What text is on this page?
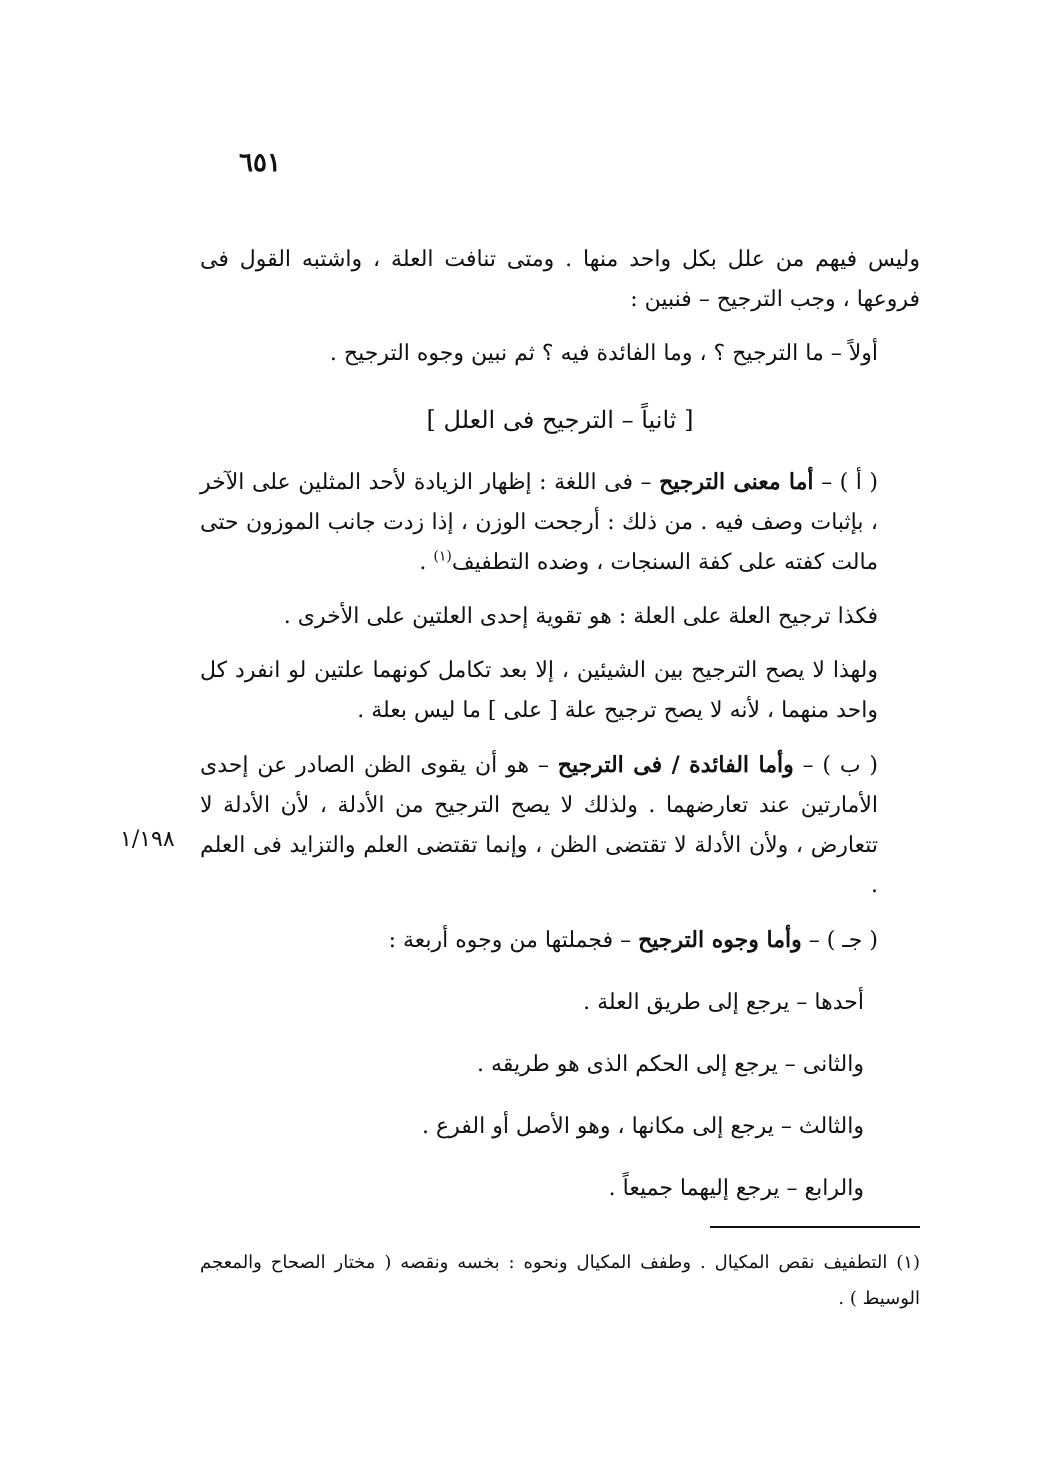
٦٥١
١/١٩٨

وليس فيهم من علل بكل واحد منها . ومتى تنافت العلة ، واشتبه القول فى فروعها ، وجب الترجيح – فنبين :

أولاً – ما الترجيح ؟ ، وما الفائدة فيه ؟ ثم نبين وجوه الترجيح .

[ ثانياً – الترجيح فى العلل ]

( أ ) – أما معنى الترجيح – فى اللغة : إظهار الزيادة لأحد المثلين على الآخر ، بإثبات وصف فيه . من ذلك : أرجحت الوزن ، إذا زدت جانب الموزون حتى مالت كفته على كفة السنجات ، وضده التطفيف$^{(١)}$ .

فكذا ترجيح العلة على العلة : هو تقوية إحدى العلتين على الأخرى .

ولهذا لا يصح الترجيح بين الشيئين ، إلا بعد تكامل كونهما علتين لو انفرد كل واحد منهما ، لأنه لا يصح ترجيح علة [ على ] ما ليس بعلة .

( ب ) – وأما الفائدة / فى الترجيح – هو أن يقوى الظن الصادر عن إحدى الأمارتين عند تعارضهما . ولذلك لا يصح الترجيح من الأدلة ، لأن الأدلة لا تتعارض ، ولأن الأدلة لا تقتضى الظن ، وإنما تقتضى العلم والتزايد فى العلم .

( جـ ) – وأما وجوه الترجيح – فجملتها من وجوه أربعة :

أحدها – يرجع إلى طريق العلة .

والثانى – يرجع إلى الحكم الذى هو طريقه .

والثالث – يرجع إلى مكانها ، وهو الأصل أو الفرع .

والرابع – يرجع إليهما جميعاً .

(١) التطفيف نقص المكيال . وطفف المكيال ونحوه : بخسه ونقصه ( مختار الصحاح والمعجم الوسيط ) .
